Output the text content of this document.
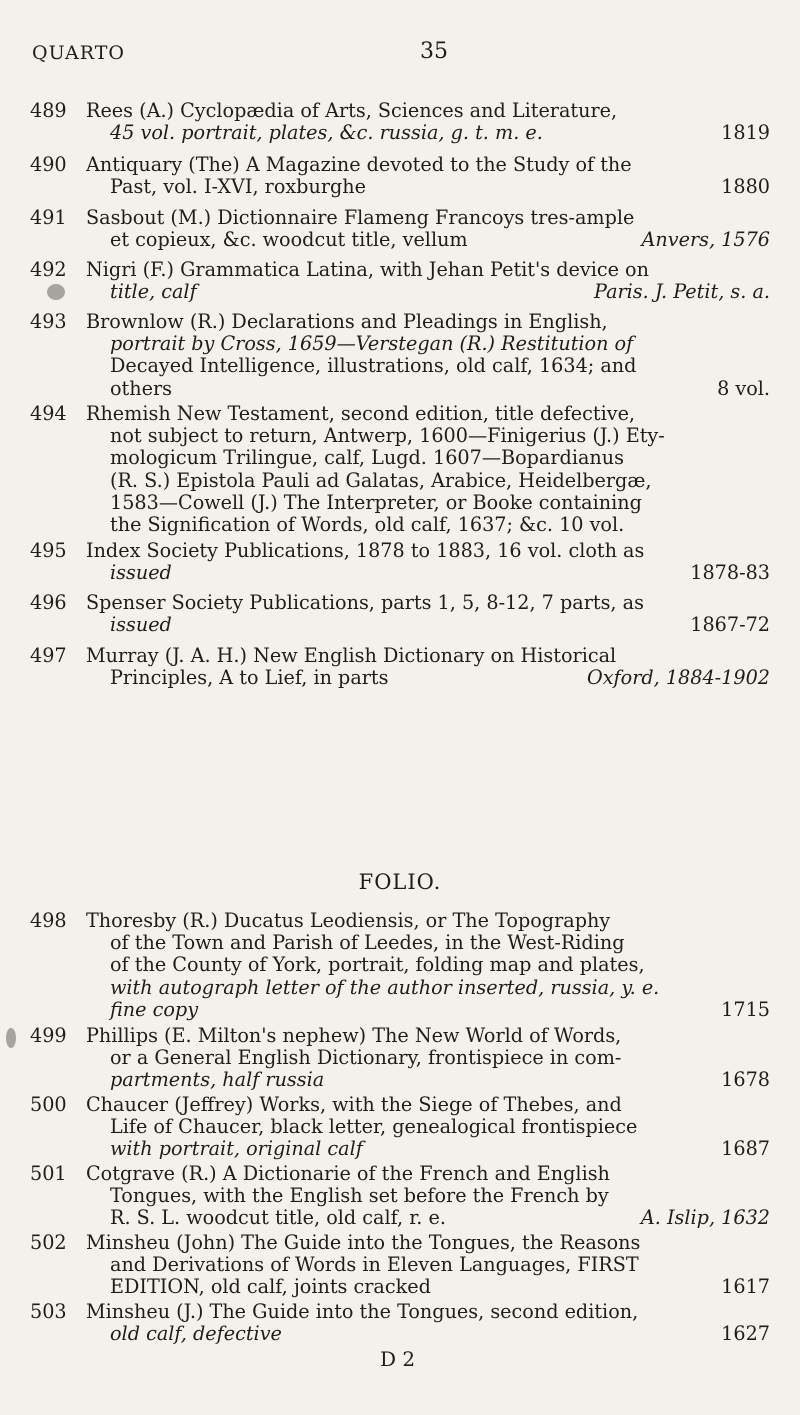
QUARTO	35
489	Rees (A.) Cyclopædia of Arts, Sciences and Literature,
45 vol. portrait, plates, &c. russia, g. t. m. e.	1819
490	Antiquary (The) A Magazine devoted to the Study of the
Past, vol. I-XVI, roxburghe	1880
491	Sasbout (M.) Dictionnaire Flameng Francoys tres-ample
et copieux, &c. woodcut title, vellum	Anvers, 1576
492	Nigri (F.) Grammatica Latina, with Jehan Petit's device on
title, calf	Paris. J. Petit, s. a.
493	Brownlow (R.) Declarations and Pleadings in English,
portrait by Cross, 1659—Verstegan (R.) Restitution of
Decayed Intelligence, illustrations, old calf, 1634; and
others	8 vol.
494	Rhemish New Testament, second edition, title defective,
not subject to return, Antwerp, 1600—Finigerius (J.) Ety-
mologicum Trilingue, calf, Lugd. 1607—Bopardianus
(R. S.) Epistola Pauli ad Galatas, Arabice, Heidelbergæ,
1583—Cowell (J.) The Interpreter, or Booke containing
the Signification of Words, old calf, 1637; &c. 10 vol.
495	Index Society Publications, 1878 to 1883, 16 vol. cloth as
issued	1878-83
496	Spenser Society Publications, parts 1, 5, 8-12, 7 parts, as
issued	1867-72
497	Murray (J. A. H.) New English Dictionary on Historical
Principles, A to Lief, in parts	Oxford, 1884-1902
FOLIO.
498	Thoresby (R.) Ducatus Leodiensis, or The Topography
of the Town and Parish of Leedes, in the West-Riding
of the County of York, portrait, folding map and plates,
with autograph letter of the author inserted, russia, y. e.
fine copy	1715
499	Phillips (E. Milton's nephew) The New World of Words,
or a General English Dictionary, frontispiece in com-
partments, half russia	1678
500	Chaucer (Jeffrey) Works, with the Siege of Thebes, and
Life of Chaucer, black letter, genealogical frontispiece
with portrait, original calf	1687
501	Cotgrave (R.) A Dictionarie of the French and English
Tongues, with the English set before the French by
R. S. L. woodcut title, old calf, r. e.	A. Islip, 1632
502	Minsheu (John) The Guide into the Tongues, the Reasons
and Derivations of Words in Eleven Languages, FIRST
EDITION, old calf, joints cracked	1617
503	Minsheu (J.) The Guide into the Tongues, second edition,
old calf, defective	1627
D 2
